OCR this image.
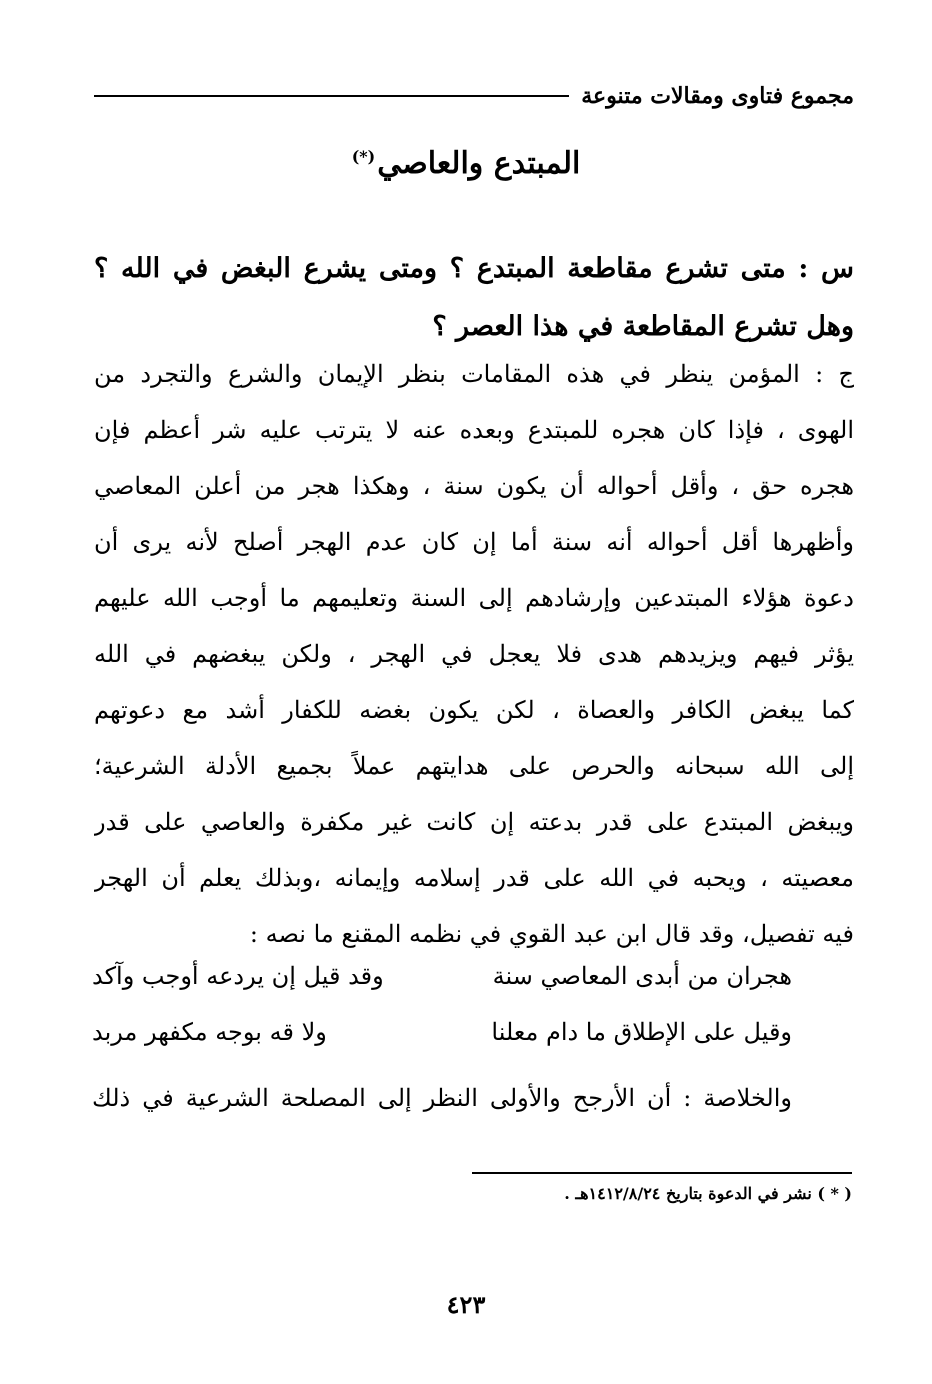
مجموع فتاوى ومقالات متنوعة
المبتدع والعاصي(*)
س : متى تشرع مقاطعة المبتدع ؟ ومتى يشرع البغض في الله ؟ وهل تشرع المقاطعة في هذا العصر ؟
ج : المؤمن ينظر في هذه المقامات بنظر الإيمان والشرع والتجرد من
الهوى ، فإذا كان هجره للمبتدع وبعده عنه لا يترتب عليه شر أعظم فإن
هجره حق ، وأقل أحواله أن يكون سنة ، وهكذا هجر من أعلن المعاصي
وأظهرها أقل أحواله أنه سنة أما إن كان عدم الهجر أصلح لأنه يرى أن
دعوة هؤلاء المبتدعين وإرشادهم إلى السنة وتعليمهم ما أوجب الله عليهم
يؤثر فيهم ويزيدهم هدى فلا يعجل في الهجر ، ولكن يبغضهم في الله
كما يبغض الكافر والعصاة ، لكن يكون بغضه للكفار أشد مع دعوتهم
إلى الله سبحانه والحرص على هدايتهم عملاً بجميع الأدلة الشرعية؛
ويبغض المبتدع على قدر بدعته إن كانت غير مكفرة والعاصي على قدر
معصيته ، ويحبه في الله على قدر إسلامه وإيمانه ،وبذلك يعلم أن الهجر
فيه تفصيل، وقد قال ابن عبد القوي في نظمه المقنع ما نصه :
هجران من أبدى المعاصي سنة
وقد قيل إن يردعه أوجب وآكد
وقيل على الإطلاق ما دام معلنا
ولا قه بوجه مكفهر مربد
والخلاصة : أن الأرجح والأولى النظر إلى المصلحة الشرعية في ذلك
( * ) نشر في الدعوة بتاريخ ١٤١٢/٨/٢٤هـ .
٤٢٣
